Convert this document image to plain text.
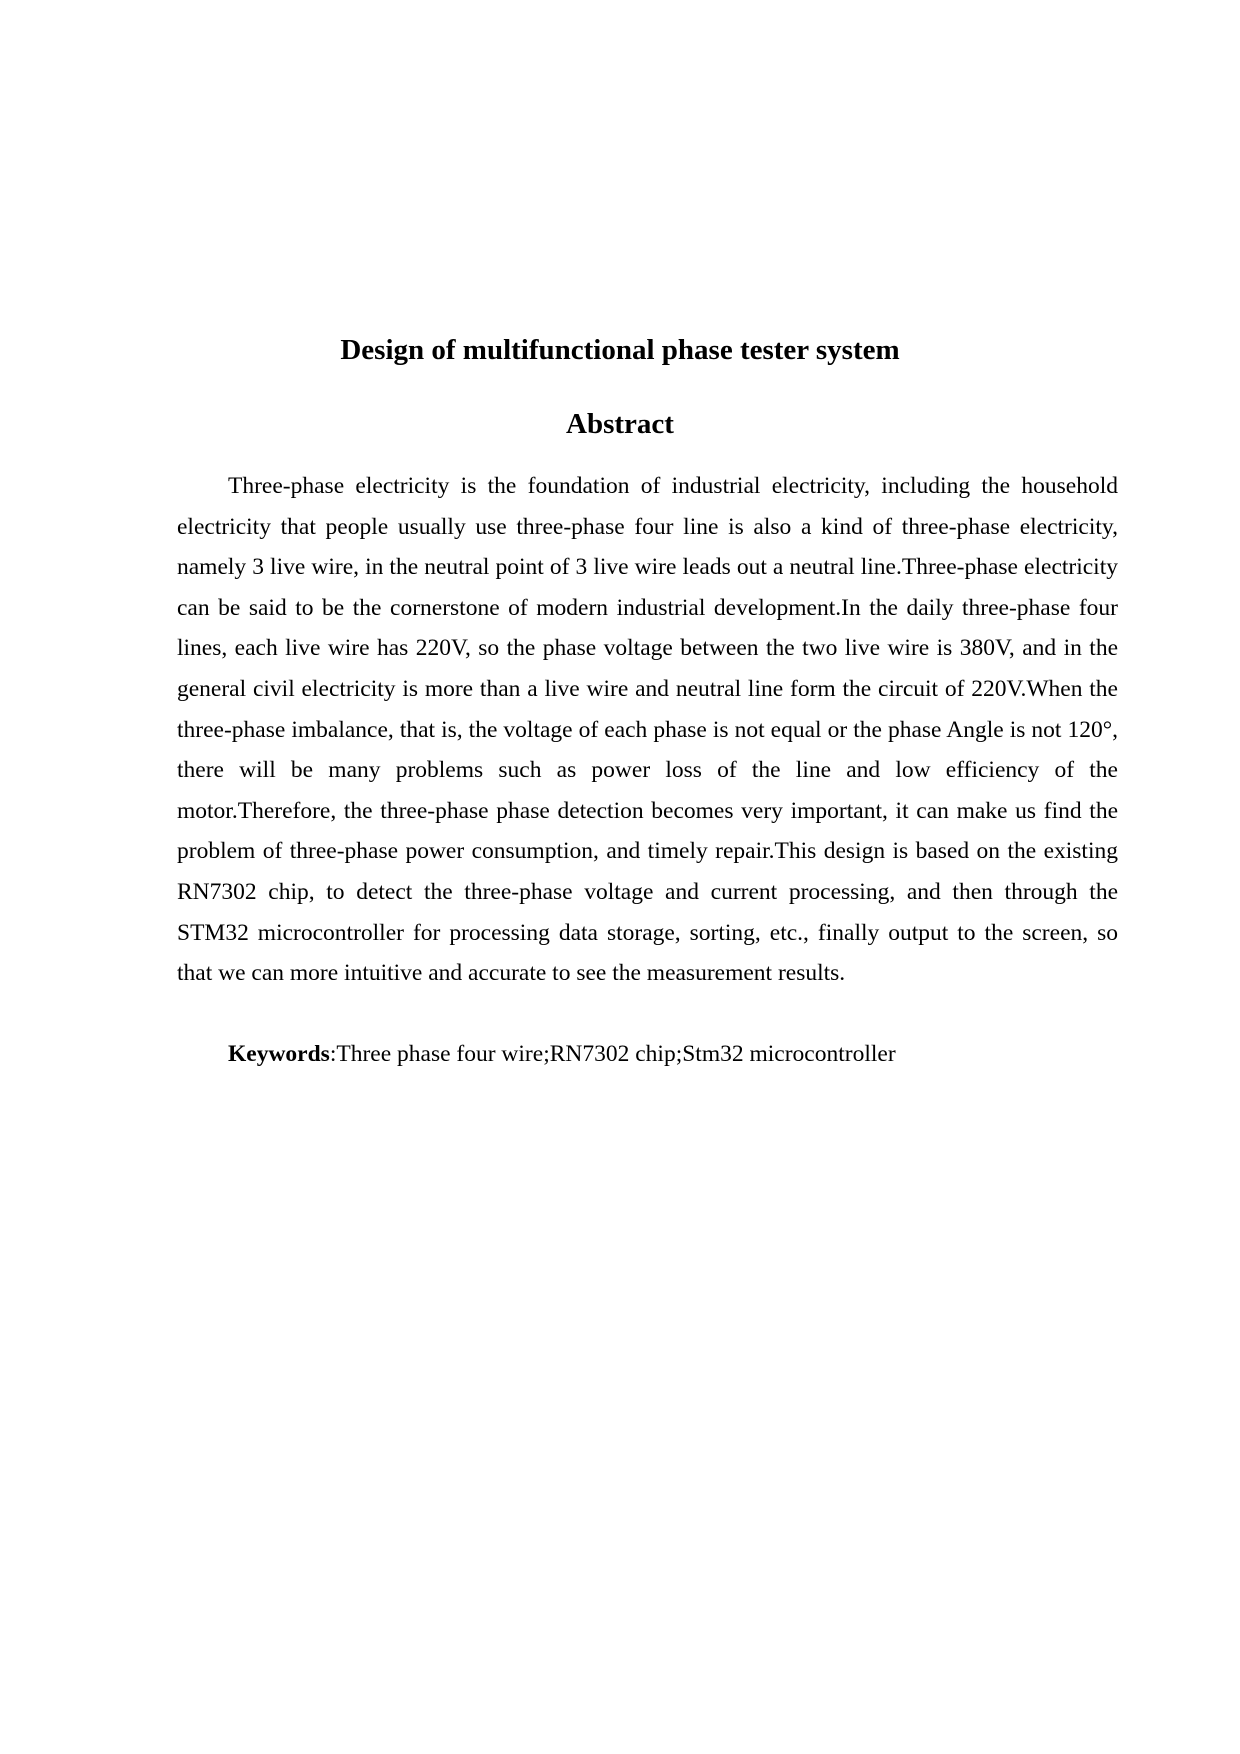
Design of multifunctional phase tester system
Abstract

Three-phase electricity is the foundation of industrial electricity, including the household electricity that people usually use three-phase four line is also a kind of three-phase electricity, namely 3 live wire, in the neutral point of 3 live wire leads out a neutral line.Three-phase electricity can be said to be the cornerstone of modern industrial development.In the daily three-phase four lines, each live wire has 220V, so the phase voltage between the two live wire is 380V, and in the general civil electricity is more than a live wire and neutral line form the circuit of 220V.When the three-phase imbalance, that is, the voltage of each phase is not equal or the phase Angle is not 120°, there will be many problems such as power loss of the line and low efficiency of the motor.Therefore, the three-phase phase detection becomes very important, it can make us find the problem of three-phase power consumption, and timely repair.This design is based on the existing RN7302 chip, to detect the three-phase voltage and current processing, and then through the STM32 microcontroller for processing data storage, sorting, etc., finally output to the screen, so that we can more intuitive and accurate to see the measurement results.

Keywords:Three phase four wire;RN7302 chip;Stm32 microcontroller
